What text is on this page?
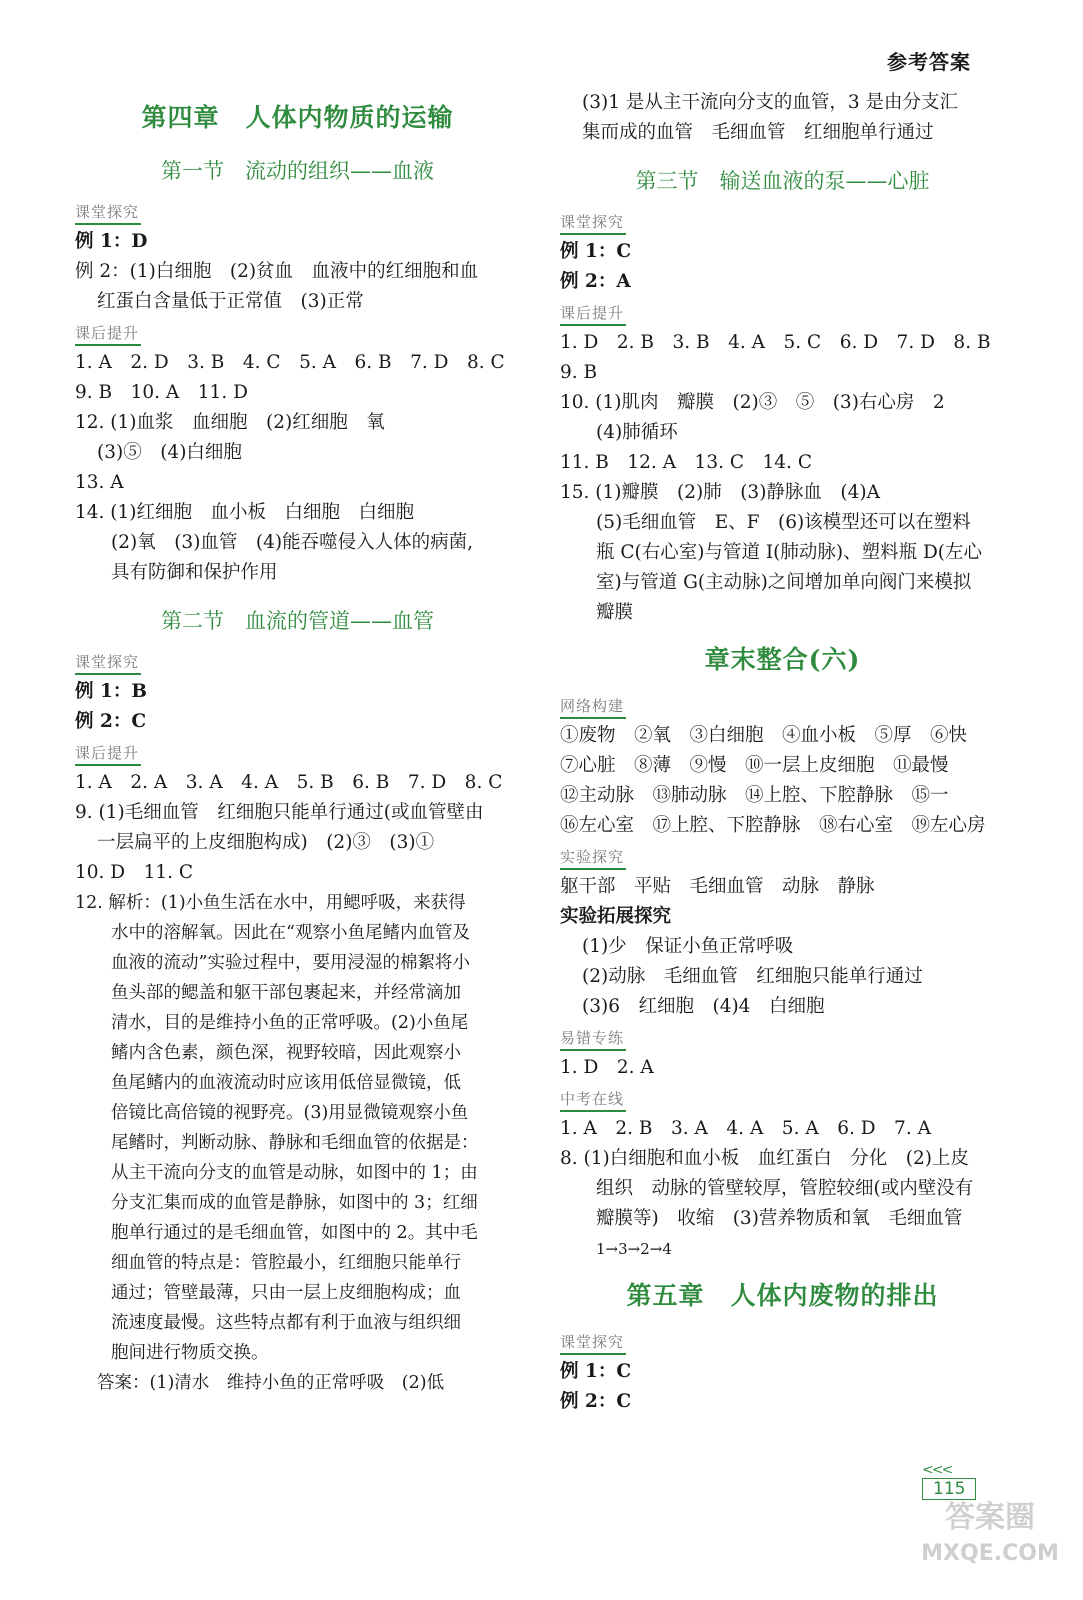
参考答案
第四章　人体内物质的运输
第一节　流动的组织——血液
课堂探究
例 1：D
例 2：(1)白细胞　(2)贫血　血液中的红细胞和血
红蛋白含量低于正常值　(3)正常
课后提升
1. A　2. D　3. B　4. C　5. A　6. B　7. D　8. C
9. B　10. A　11. D
12. (1)血浆　血细胞　(2)红细胞　氧
(3)⑤　(4)白细胞
13. A
14. (1)红细胞　血小板　白细胞　白细胞
(2)氧　(3)血管　(4)能吞噬侵入人体的病菌,
具有防御和保护作用
第二节　血流的管道——血管
课堂探究
例 1：B
例 2：C
课后提升
1. A　2. A　3. A　4. A　5. B　6. B　7. D　8. C
9. (1)毛细血管　红细胞只能单行通过(或血管壁由
一层扁平的上皮细胞构成)　(2)③　(3)①
10. D　11. C
12. 解析：(1)小鱼生活在水中，用鳃呼吸，来获得
水中的溶解氧。因此在“观察小鱼尾鳍内血管及
血液的流动”实验过程中，要用浸湿的棉絮将小
鱼头部的鳃盖和躯干部包裹起来，并经常滴加
清水，目的是维持小鱼的正常呼吸。(2)小鱼尾
鳍内含色素，颜色深，视野较暗，因此观察小
鱼尾鳍内的血液流动时应该用低倍显微镜，低
倍镜比高倍镜的视野亮。(3)用显微镜观察小鱼
尾鳍时，判断动脉、静脉和毛细血管的依据是：
从主干流向分支的血管是动脉，如图中的 1；由
分支汇集而成的血管是静脉，如图中的 3；红细
胞单行通过的是毛细血管，如图中的 2。其中毛
细血管的特点是：管腔最小，红细胞只能单行
通过；管壁最薄，只由一层上皮细胞构成；血
流速度最慢。这些特点都有利于血液与组织细
胞间进行物质交换。
答案：(1)清水　维持小鱼的正常呼吸　(2)低
(3)1 是从主干流向分支的血管，3 是由分支汇
集而成的血管　毛细血管　红细胞单行通过
第三节　输送血液的泵——心脏
课堂探究
例 1：C
例 2：A
课后提升
1. D　2. B　3. B　4. A　5. C　6. D　7. D　8. B
9. B
10. (1)肌肉　瓣膜　(2)③　⑤　(3)右心房　2
(4)肺循环
11. B　12. A　13. C　14. C
15. (1)瓣膜　(2)肺　(3)静脉血　(4)A
(5)毛细血管　E、F　(6)该模型还可以在塑料
瓶 C(右心室)与管道 I(肺动脉)、塑料瓶 D(左心
室)与管道 G(主动脉)之间增加单向阀门来模拟
瓣膜
章末整合(六)
网络构建
①废物　②氧　③白细胞　④血小板　⑤厚　⑥快
⑦心脏　⑧薄　⑨慢　⑩一层上皮细胞　⑪最慢
⑫主动脉　⑬肺动脉　⑭上腔、下腔静脉　⑮一
⑯左心室　⑰上腔、下腔静脉　⑱右心室　⑲左心房
实验探究
躯干部　平贴　毛细血管　动脉　静脉
实验拓展探究
(1)少　保证小鱼正常呼吸
(2)动脉　毛细血管　红细胞只能单行通过
(3)6　红细胞　(4)4　白细胞
易错专练
1. D　2. A
中考在线
1. A　2. B　3. A　4. A　5. A　6. D　7. A
8. (1)白细胞和血小板　血红蛋白　分化　(2)上皮
组织　动脉的管壁较厚，管腔较细(或内壁没有
瓣膜等)　收缩　(3)营养物质和氧　毛细血管
1→3→2→4
第五章　人体内废物的排出
课堂探究
例 1：C
例 2：C
<<<
115
答案圈
MXQE.COM
